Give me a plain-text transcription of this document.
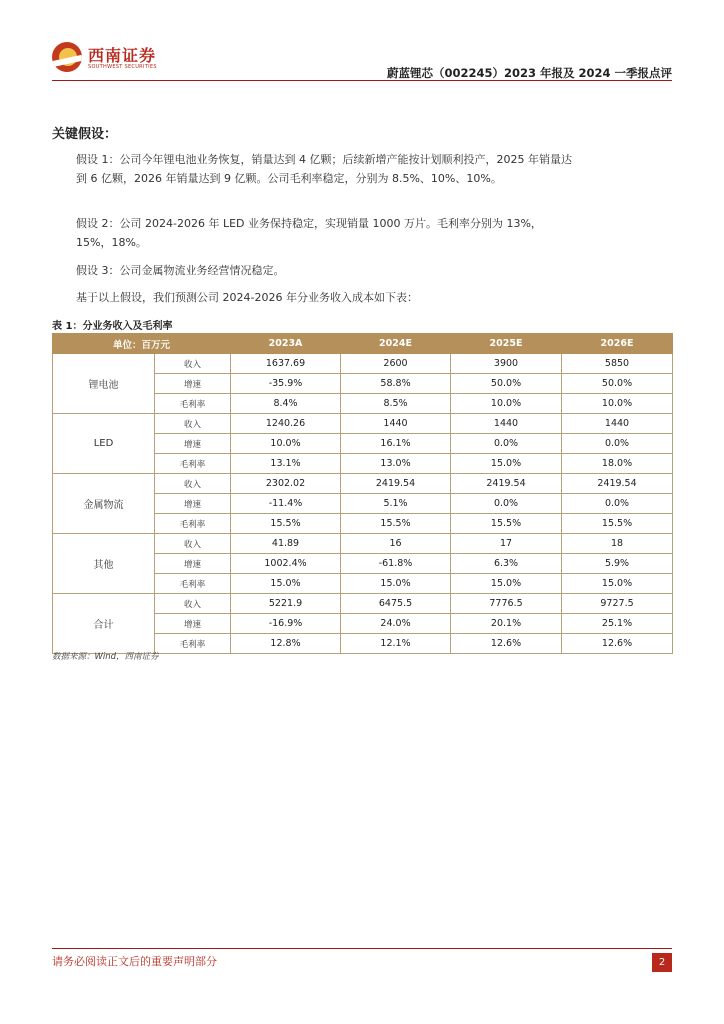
西南证券
SOUTHWEST SECURITIES	蔚蓝锂芯（002245）2023 年报及 2024 一季报点评
关键假设：
假设 1：公司今年锂电池业务恢复，销量达到 4 亿颗；后续新增产能按计划顺利投产，2025 年销量达到 6 亿颗，2026 年销量达到 9 亿颗。公司毛利率稳定，分别为 8.5%、10%、10%。
假设 2：公司 2024-2026 年 LED 业务保持稳定，实现销量 1000 万片。毛利率分别为 13%，15%，18%。
假设 3：公司金属物流业务经营情况稳定。
基于以上假设，我们预测公司 2024-2026 年分业务收入成本如下表：
表 1：分业务收入及毛利率
单位：百万元		2023A	2024E	2025E	2026E
锂电池	收入	1637.69	2600	3900	5850
	增速	-35.9%	58.8%	50.0%	50.0%
	毛利率	8.4%	8.5%	10.0%	10.0%
LED	收入	1240.26	1440	1440	1440
	增速	10.0%	16.1%	0.0%	0.0%
	毛利率	13.1%	13.0%	15.0%	18.0%
金属物流	收入	2302.02	2419.54	2419.54	2419.54
	增速	-11.4%	5.1%	0.0%	0.0%
	毛利率	15.5%	15.5%	15.5%	15.5%
其他	收入	41.89	16	17	18
	增速	1002.4%	-61.8%	6.3%	5.9%
	毛利率	15.0%	15.0%	15.0%	15.0%
合计	收入	5221.9	6475.5	7776.5	9727.5
	增速	-16.9%	24.0%	20.1%	25.1%
	毛利率	12.8%	12.1%	12.6%	12.6%
数据来源：Wind，西南证券
请务必阅读正文后的重要声明部分	2
